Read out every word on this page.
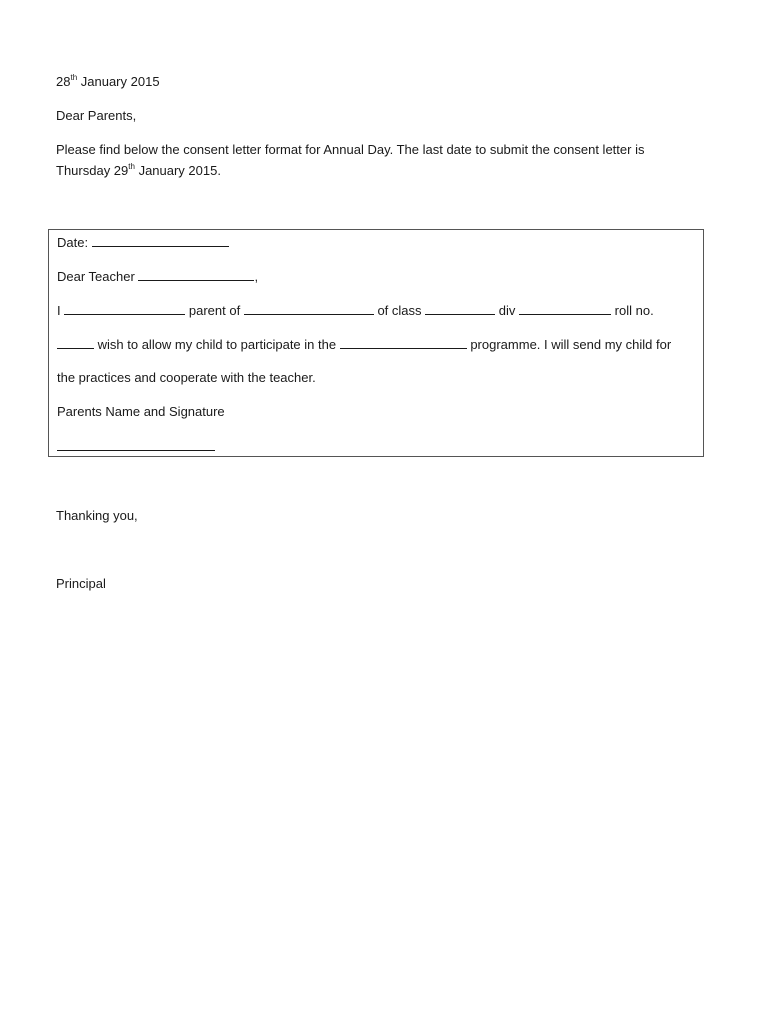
28th January 2015
Dear Parents,
Please find below the consent letter format for Annual Day. The last date to submit the consent letter is
Thursday 29th January 2015.
Date:
Dear Teacher	,
I	parent of	of class	div	roll no.
wish to allow my child to participate in the	programme. I will send my child for
the practices and cooperate with the teacher.
Parents Name and Signature
Thanking you,
Principal
